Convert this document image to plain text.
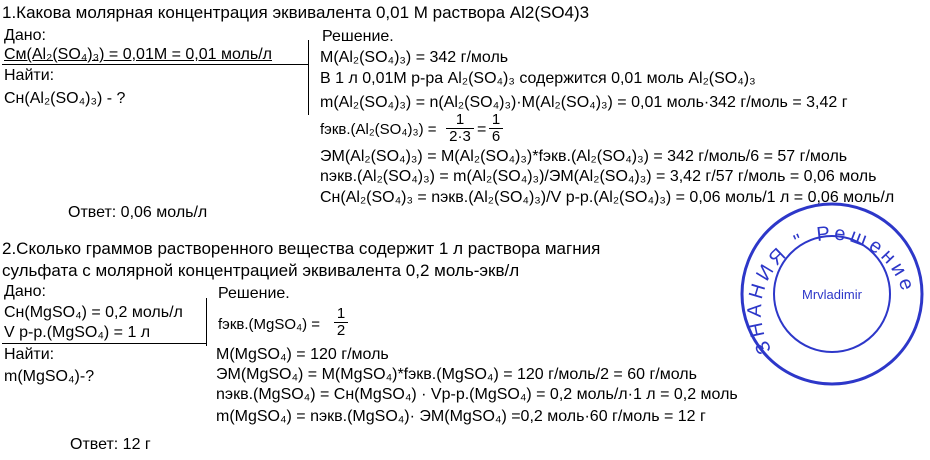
1.Какова молярная концентрация эквивалента 0,01 М раствора Al2(SO4)3
Дано:
Cм(Al₂(SO₄)₃) = 0,01M = 0,01 моль/л
Найти:
Cн(Al₂(SO₄)₃) - ?
Решение.
M(Al₂(SO₄)₃) = 342 г/моль
В 1 л 0,01М р-ра Al₂(SO₄)₃ содержится 0,01 моль Al₂(SO₄)₃
m(Al₂(SO₄)₃) = n(Al₂(SO₄)₃)·M(Al₂(SO₄)₃) = 0,01 моль·342 г/моль = 3,42 г
fэкв.(Al₂(SO₄)₃) =
1
2·3 =
1
6
ЭM(Al₂(SO₄)₃) = M(Al₂(SO₄)₃)*fэкв.(Al₂(SO₄)₃) = 342 г/моль/6 = 57 г/моль
nэкв.(Al₂(SO₄)₃) = m(Al₂(SO₄)₃)/ЭM(Al₂(SO₄)₃) = 3,42 г/57 г/моль = 0,06 моль
Cн(Al₂(SO₄)₃ = nэкв.(Al₂(SO₄)₃)/V р-р.(Al₂(SO₄)₃) = 0,06 моль/1 л = 0,06 моль/л
Ответ: 0,06 моль/л
2.Сколько граммов растворенного вещества содержит 1 л раствора магния
сульфата с молярной концентрацией эквивалента 0,2 моль-экв/л
Дано:
Cн(MgSO₄) = 0,2 моль/л
V р-р.(MgSO₄) = 1 л
Найти:
m(MgSO₄)-?
Решение.
fэкв.(MgSO₄) =
1
2
M(MgSO₄) = 120 г/моль
ЭM(MgSO₄) = M(MgSO₄)*fэкв.(MgSO₄) = 120 г/моль/2 = 60 г/моль
nэкв.(MgSO₄) = Cн(MgSO₄) · Vр-р.(MgSO₄) = 0,2 моль/л·1 л = 0,2 моль
m(MgSO₄) = nэкв.(MgSO₄)· ЭM(MgSO₄) =0,2 моль·60 г/моль = 12 г
Ответ: 12 г
ЗНАНИЯ " Решение
Mrvladimir
